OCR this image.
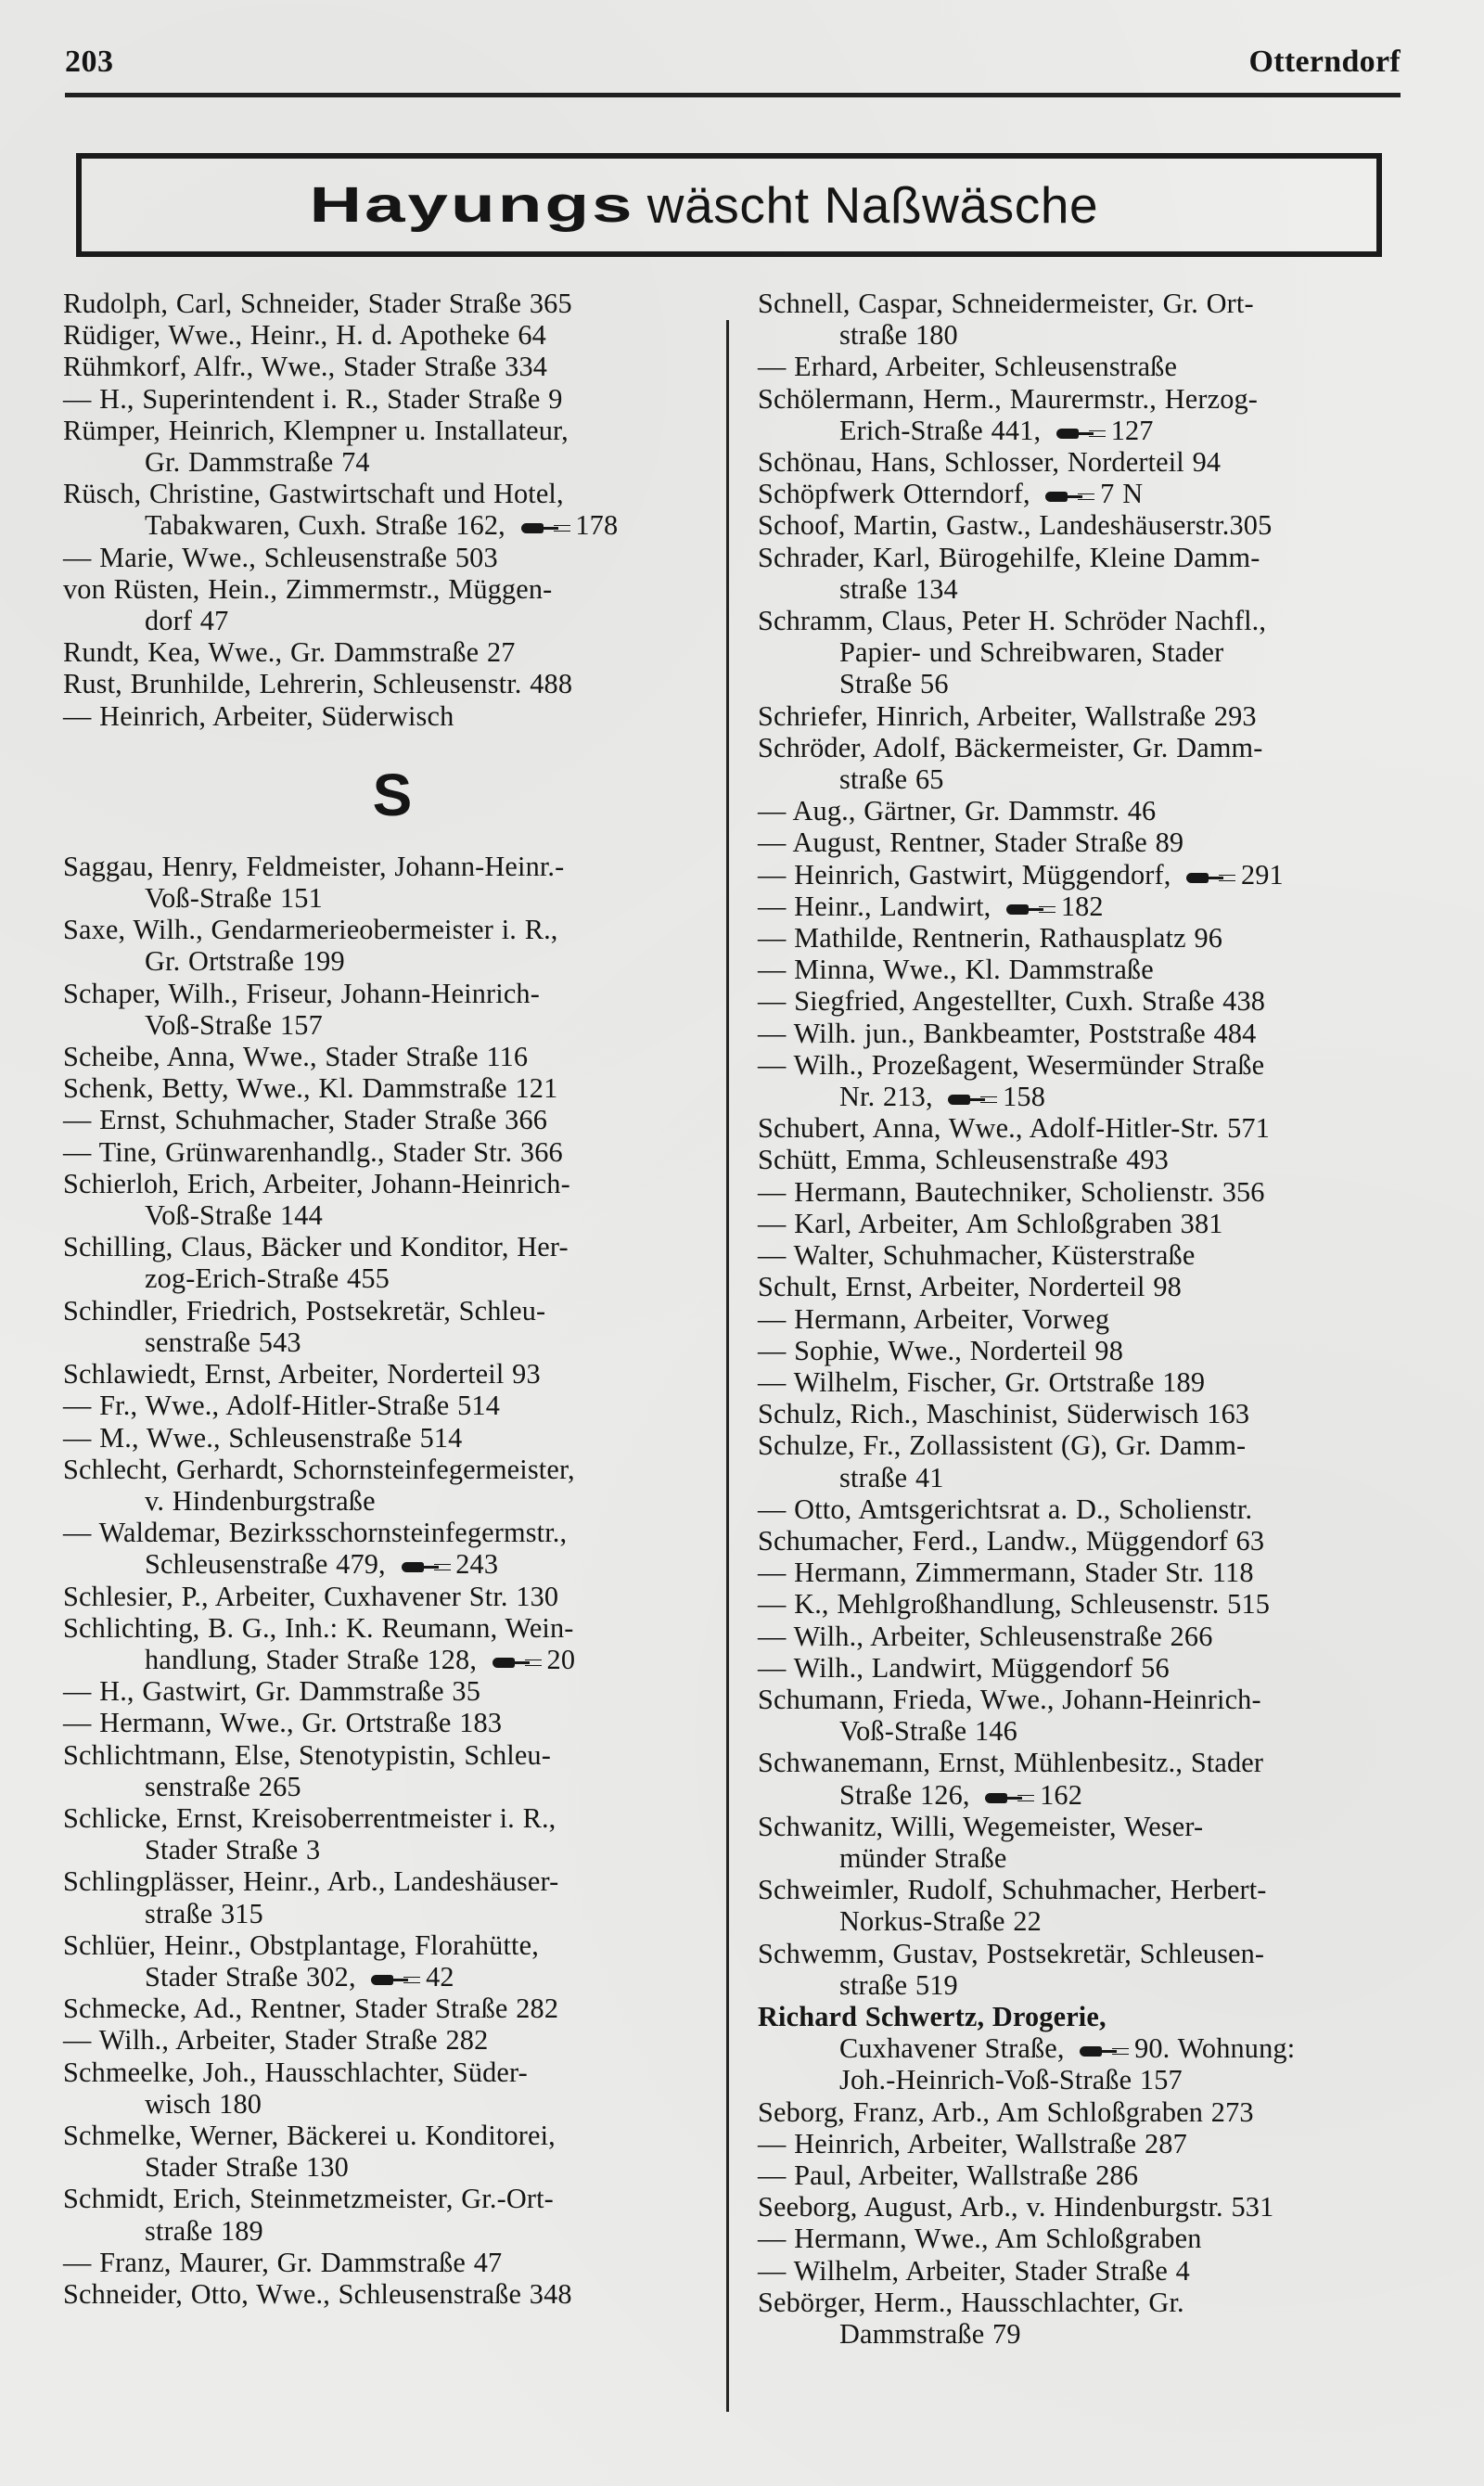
203	Otterndorf
Hayungs wäscht Naßwäsche
Rudolph, Carl, Schneider, Stader Straße 365
Rüdiger, Wwe., Heinr., H. d. Apotheke 64
Rühmkorf, Alfr., Wwe., Stader Straße 334
— H., Superintendent i. R., Stader Straße 9
Rümper, Heinrich, Klempner u. Installateur,
Gr. Dammstraße 74
Rüsch, Christine, Gastwirtschaft und Hotel,
Tabakwaren, Cuxh. Straße 162,  178
— Marie, Wwe., Schleusenstraße 503
von Rüsten, Hein., Zimmermstr., Müggen-
dorf 47
Rundt, Kea, Wwe., Gr. Dammstraße 27
Rust, Brunhilde, Lehrerin, Schleusenstr. 488
— Heinrich, Arbeiter, Süderwisch
S
Saggau, Henry, Feldmeister, Johann-Heinr.-
Voß-Straße 151
Saxe, Wilh., Gendarmerieobermeister i. R.,
Gr. Ortstraße 199
Schaper, Wilh., Friseur, Johann-Heinrich-
Voß-Straße 157
Scheibe, Anna, Wwe., Stader Straße 116
Schenk, Betty, Wwe., Kl. Dammstraße 121
— Ernst, Schuhmacher, Stader Straße 366
— Tine, Grünwarenhandlg., Stader Str. 366
Schierloh, Erich, Arbeiter, Johann-Heinrich-
Voß-Straße 144
Schilling, Claus, Bäcker und Konditor, Her-
zog-Erich-Straße 455
Schindler, Friedrich, Postsekretär, Schleu-
senstraße 543
Schlawiedt, Ernst, Arbeiter, Norderteil 93
— Fr., Wwe., Adolf-Hitler-Straße 514
— M., Wwe., Schleusenstraße 514
Schlecht, Gerhardt, Schornsteinfegermeister,
v. Hindenburgstraße
— Waldemar, Bezirksschornsteinfegermstr.,
Schleusenstraße 479,  243
Schlesier, P., Arbeiter, Cuxhavener Str. 130
Schlichting, B. G., Inh.: K. Reumann, Wein-
handlung, Stader Straße 128,  20
— H., Gastwirt, Gr. Dammstraße 35
— Hermann, Wwe., Gr. Ortstraße 183
Schlichtmann, Else, Stenotypistin, Schleu-
senstraße 265
Schlicke, Ernst, Kreisoberrentmeister i. R.,
Stader Straße 3
Schlingplässer, Heinr., Arb., Landeshäuser-
straße 315
Schlüer, Heinr., Obstplantage, Florahütte,
Stader Straße 302,  42
Schmecke, Ad., Rentner, Stader Straße 282
— Wilh., Arbeiter, Stader Straße 282
Schmeelke, Joh., Hausschlachter, Süder-
wisch 180
Schmelke, Werner, Bäckerei u. Konditorei,
Stader Straße 130
Schmidt, Erich, Steinmetzmeister, Gr.-Ort-
straße 189
— Franz, Maurer, Gr. Dammstraße 47
Schneider, Otto, Wwe., Schleusenstraße 348
Schnell, Caspar, Schneidermeister, Gr. Ort-
straße 180
— Erhard, Arbeiter, Schleusenstraße
Schölermann, Herm., Maurermstr., Herzog-
Erich-Straße 441,  127
Schönau, Hans, Schlosser, Norderteil 94
Schöpfwerk Otterndorf,  7 N
Schoof, Martin, Gastw., Landeshäuserstr.305
Schrader, Karl, Bürogehilfe, Kleine Damm-
straße 134
Schramm, Claus, Peter H. Schröder Nachfl.,
Papier- und Schreibwaren, Stader
Straße 56
Schriefer, Hinrich, Arbeiter, Wallstraße 293
Schröder, Adolf, Bäckermeister, Gr. Damm-
straße 65
— Aug., Gärtner, Gr. Dammstr. 46
— August, Rentner, Stader Straße 89
— Heinrich, Gastwirt, Müggendorf,  291
— Heinr., Landwirt,  182
— Mathilde, Rentnerin, Rathausplatz 96
— Minna, Wwe., Kl. Dammstraße
— Siegfried, Angestellter, Cuxh. Straße 438
— Wilh. jun., Bankbeamter, Poststraße 484
— Wilh., Prozeßagent, Wesermünder Straße
Nr. 213,  158
Schubert, Anna, Wwe., Adolf-Hitler-Str. 571
Schütt, Emma, Schleusenstraße 493
— Hermann, Bautechniker, Scholienstr. 356
— Karl, Arbeiter, Am Schloßgraben 381
— Walter, Schuhmacher, Küsterstraße
Schult, Ernst, Arbeiter, Norderteil 98
— Hermann, Arbeiter, Vorweg
— Sophie, Wwe., Norderteil 98
— Wilhelm, Fischer, Gr. Ortstraße 189
Schulz, Rich., Maschinist, Süderwisch 163
Schulze, Fr., Zollassistent (G), Gr. Damm-
straße 41
— Otto, Amtsgerichtsrat a. D., Scholienstr.
Schumacher, Ferd., Landw., Müggendorf 63
— Hermann, Zimmermann, Stader Str. 118
— K., Mehlgroßhandlung, Schleusenstr. 515
— Wilh., Arbeiter, Schleusenstraße 266
— Wilh., Landwirt, Müggendorf 56
Schumann, Frieda, Wwe., Johann-Heinrich-
Voß-Straße 146
Schwanemann, Ernst, Mühlenbesitz., Stader
Straße 126,  162
Schwanitz, Willi, Wegemeister, Weser-
münder Straße
Schweimler, Rudolf, Schuhmacher, Herbert-
Norkus-Straße 22
Schwemm, Gustav, Postsekretär, Schleusen-
straße 519
Richard Schwertz, Drogerie,
Cuxhavener Straße,  90. Wohnung:
Joh.-Heinrich-Voß-Straße 157
Seborg, Franz, Arb., Am Schloßgraben 273
— Heinrich, Arbeiter, Wallstraße 287
— Paul, Arbeiter, Wallstraße 286
Seeborg, August, Arb., v. Hindenburgstr. 531
— Hermann, Wwe., Am Schloßgraben
— Wilhelm, Arbeiter, Stader Straße 4
Sebörger, Herm., Hausschlachter, Gr.
Dammstraße 79
